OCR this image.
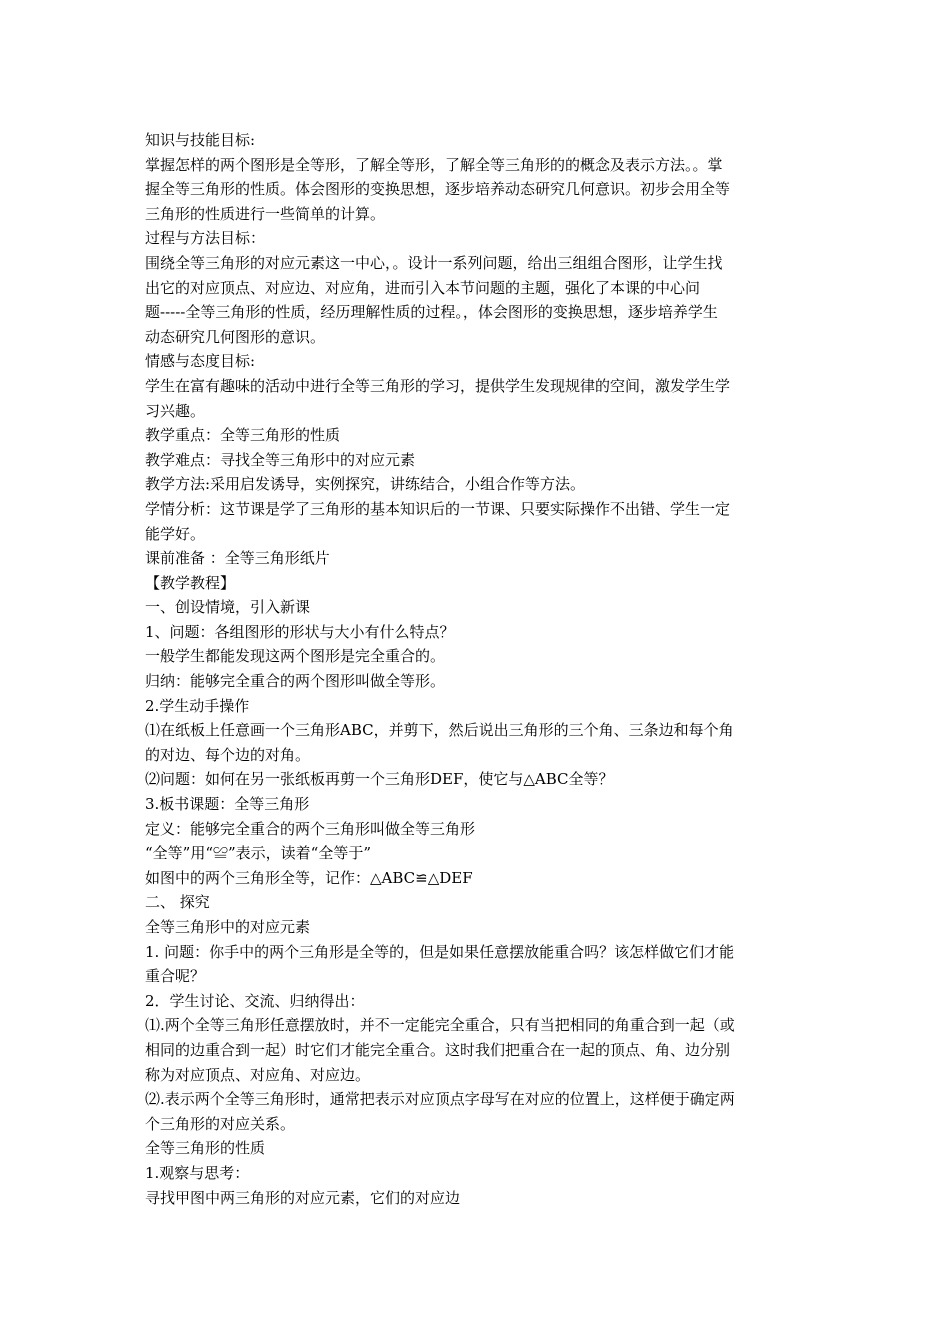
知识与技能目标:
掌握怎样的两个图形是全等形，了解全等形，了解全等三角形的的概念及表示方法。。掌
握全等三角形的性质。体会图形的变换思想，逐步培养动态研究几何意识。初步会用全等
三角形的性质进行一些简单的计算。
过程与方法目标：
围绕全等三角形的对应元素这一中心，。设计一系列问题，给出三组组合图形，让学生找
出它的对应顶点、对应边、对应角，进而引入本节问题的主题，强化了本课的中心问
题-----全等三角形的性质，经历理解性质的过程。，体会图形的变换思想，逐步培养学生
动态研究几何图形的意识。
情感与态度目标:
学生在富有趣味的活动中进行全等三角形的学习，提供学生发现规律的空间，激发学生学
习兴趣。
教学重点：全等三角形的性质
教学难点：寻找全等三角形中的对应元素
教学方法:采用启发诱导，实例探究，讲练结合，小组合作等方法。
学情分析：这节课是学了三角形的基本知识后的一节课、只要实际操作不出错、学生一定
能学好。
课前准备 ：全等三角形纸片
【教学教程】
一、创设情境，引入新课
1、问题：各组图形的形状与大小有什么特点？
一般学生都能发现这两个图形是完全重合的。
归纳：能够完全重合的两个图形叫做全等形。
2.学生动手操作
⑴在纸板上任意画一个三角形ABC，并剪下，然后说出三角形的三个角、三条边和每个角
的对边、每个边的对角。
⑵问题：如何在另一张纸板再剪一个三角形DEF，使它与△ABC全等？
3.板书课题：全等三角形
定义：能够完全重合的两个三角形叫做全等三角形
“全等”用“≌”表示，读着“全等于”
如图中的两个三角形全等，记作：△ABC≌△DEF
二、 探究
全等三角形中的对应元素
1. 问题：你手中的两个三角形是全等的，但是如果任意摆放能重合吗？该怎样做它们才能
重合呢？
2．学生讨论、交流、归纳得出：
⑴.两个全等三角形任意摆放时，并不一定能完全重合，只有当把相同的角重合到一起（或
相同的边重合到一起）时它们才能完全重合。这时我们把重合在一起的顶点、角、边分别
称为对应顶点、对应角、对应边。
⑵.表示两个全等三角形时，通常把表示对应顶点字母写在对应的位置上，这样便于确定两
个三角形的对应关系。
全等三角形的性质
1.观察与思考：
寻找甲图中两三角形的对应元素，它们的对应边
